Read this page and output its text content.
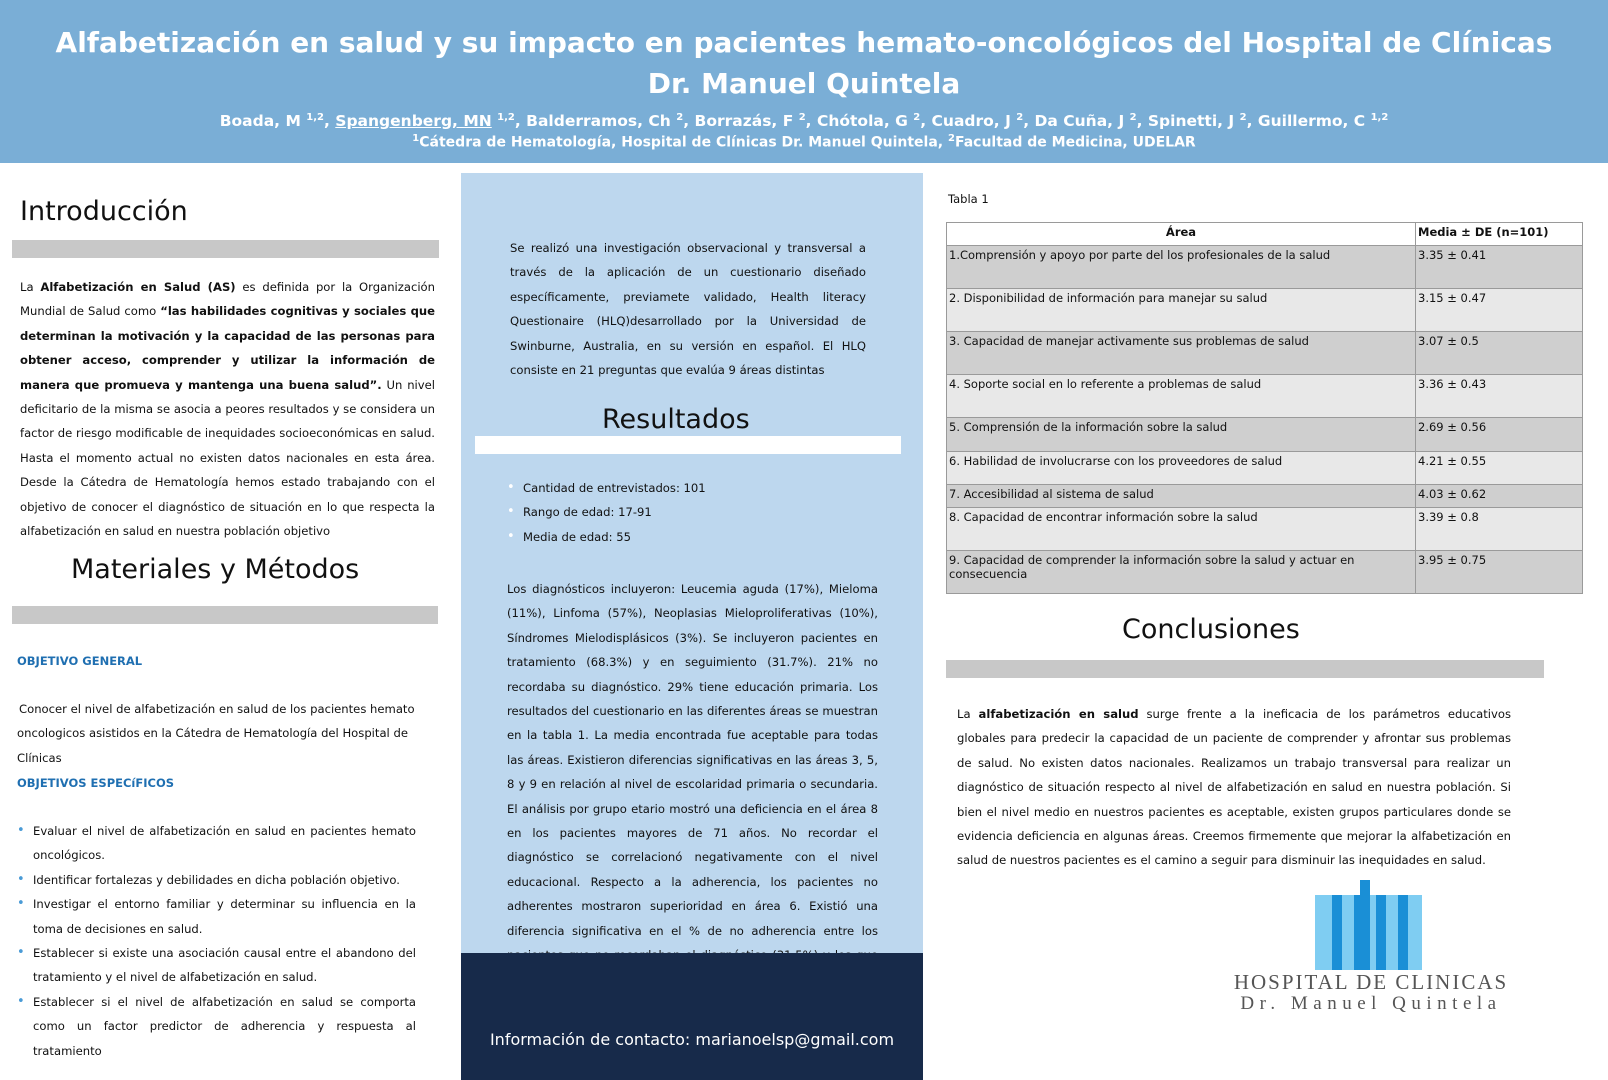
Alfabetización en salud y su impacto en pacientes hemato-oncológicos del Hospital de Clínicas
Dr. Manuel Quintela
Boada, M $^{1,2}$, Spangenberg, MN $^{1,2}$, Balderramos, Ch $^2$, Borrazás, F $^2$, Chótola, G $^2$, Cuadro, J $^2$, Da Cuña, J $^2$, Spinetti, J $^2$, Guillermo, C $^{1,2}$
$^1$Cátedra de Hematología, Hospital de Clínicas Dr. Manuel Quintela, $^2$Facultad de Medicina, UDELAR
Introducción
La Alfabetización en Salud (AS) es definida por la Organización Mundial de Salud como “las habilidades cognitivas y sociales que determinan la motivación y la capacidad de las personas para obtener acceso, comprender y utilizar la información de manera que promueva y mantenga una buena salud”. Un nivel deficitario de la misma se asocia a peores resultados y se considera un factor de riesgo modificable de inequidades socioeconómicas en salud. Hasta el momento actual no existen datos nacionales en esta área. Desde la Cátedra de Hematología hemos estado trabajando con el objetivo de conocer el diagnóstico de situación en lo que respecta la alfabetización en salud en nuestra población objetivo
Materiales y Métodos
OBJETIVO GENERAL
Conocer el nivel de alfabetización en salud de los pacientes hemato oncologicos asistidos en la Cátedra de Hematología del Hospital de Clínicas
OBJETIVOS ESPECíFICOS
• Evaluar el nivel de alfabetización en salud en pacientes hemato oncológicos.
• Identificar fortalezas y debilidades en dicha población objetivo.
• Investigar el entorno familiar y determinar su influencia en la toma de decisiones en salud.
• Establecer si existe una asociación causal entre el abandono del tratamiento y el nivel de alfabetización en salud.
• Establecer si el nivel de alfabetización en salud se comporta como un factor predictor de adherencia y respuesta al tratamiento
Se realizó una investigación observacional y transversal a través de la aplicación de un cuestionario diseñado específicamente, previamete validado, Health literacy Questionaire (HLQ)desarrollado por la Universidad de Swinburne, Australia, en su versión en español. El HLQ consiste en 21 preguntas que evalúa 9 áreas distintas
Resultados
• Cantidad de entrevistados: 101
• Rango de edad: 17-91
• Media de edad: 55
Los diagnósticos incluyeron: Leucemia aguda (17%), Mieloma (11%), Linfoma (57%), Neoplasias Mieloproliferativas (10%), Síndromes Mielodisplásicos (3%). Se incluyeron pacientes en tratamiento (68.3%) y en seguimiento (31.7%). 21% no recordaba su diagnóstico. 29% tiene educación primaria. Los resultados del cuestionario en las diferentes áreas se muestran en la tabla 1. La media encontrada fue aceptable para todas las áreas. Existieron diferencias significativas en las áreas 3, 5, 8 y 9 en relación al nivel de escolaridad primaria o secundaria. El análisis por grupo etario mostró una deficiencia en el área 8 en los pacientes mayores de 71 años. No recordar el diagnóstico se correlacionó negativamente con el nivel educacional. Respecto a la adherencia, los pacientes no adherentes mostraron superioridad en área 6. Existió una diferencia significativa en el % de no adherencia entre los
Información de contacto: marianoelsp@gmail.com
Tabla 1
Área	Media ± DE (n=101)
1.Comprensión y apoyo por parte del los profesionales de la salud	3.35 ± 0.41
2. Disponibilidad de información para manejar su salud	3.15 ± 0.47
3. Capacidad de manejar activamente sus problemas de salud	3.07 ± 0.5
4. Soporte social en lo referente a problemas de salud	3.36 ± 0.43
5. Comprensión de la información sobre la salud	2.69 ± 0.56
6. Habilidad de involucrarse con los proveedores de salud	4.21 ± 0.55
7. Accesibilidad al sistema de salud	4.03 ± 0.62
8. Capacidad de encontrar información sobre la salud	3.39 ± 0.8
9. Capacidad de comprender la información sobre la salud y actuar en consecuencia	3.95 ± 0.75
Conclusiones
La alfabetización en salud surge frente a la ineficacia de los parámetros educativos globales para predecir la capacidad de un paciente de comprender y afrontar sus problemas de salud. No existen datos nacionales. Realizamos un trabajo transversal para realizar un diagnóstico de situación respecto al nivel de alfabetización en salud en nuestra población. Si bien el nivel medio en nuestros pacientes es aceptable, existen grupos particulares donde se evidencia deficiencia en algunas áreas. Creemos firmemente que mejorar la alfabetización en salud de nuestros pacientes es el camino a seguir para disminuir las inequidades en salud.
HOSPITAL DE CLINICAS
Dr. Manuel Quintela
